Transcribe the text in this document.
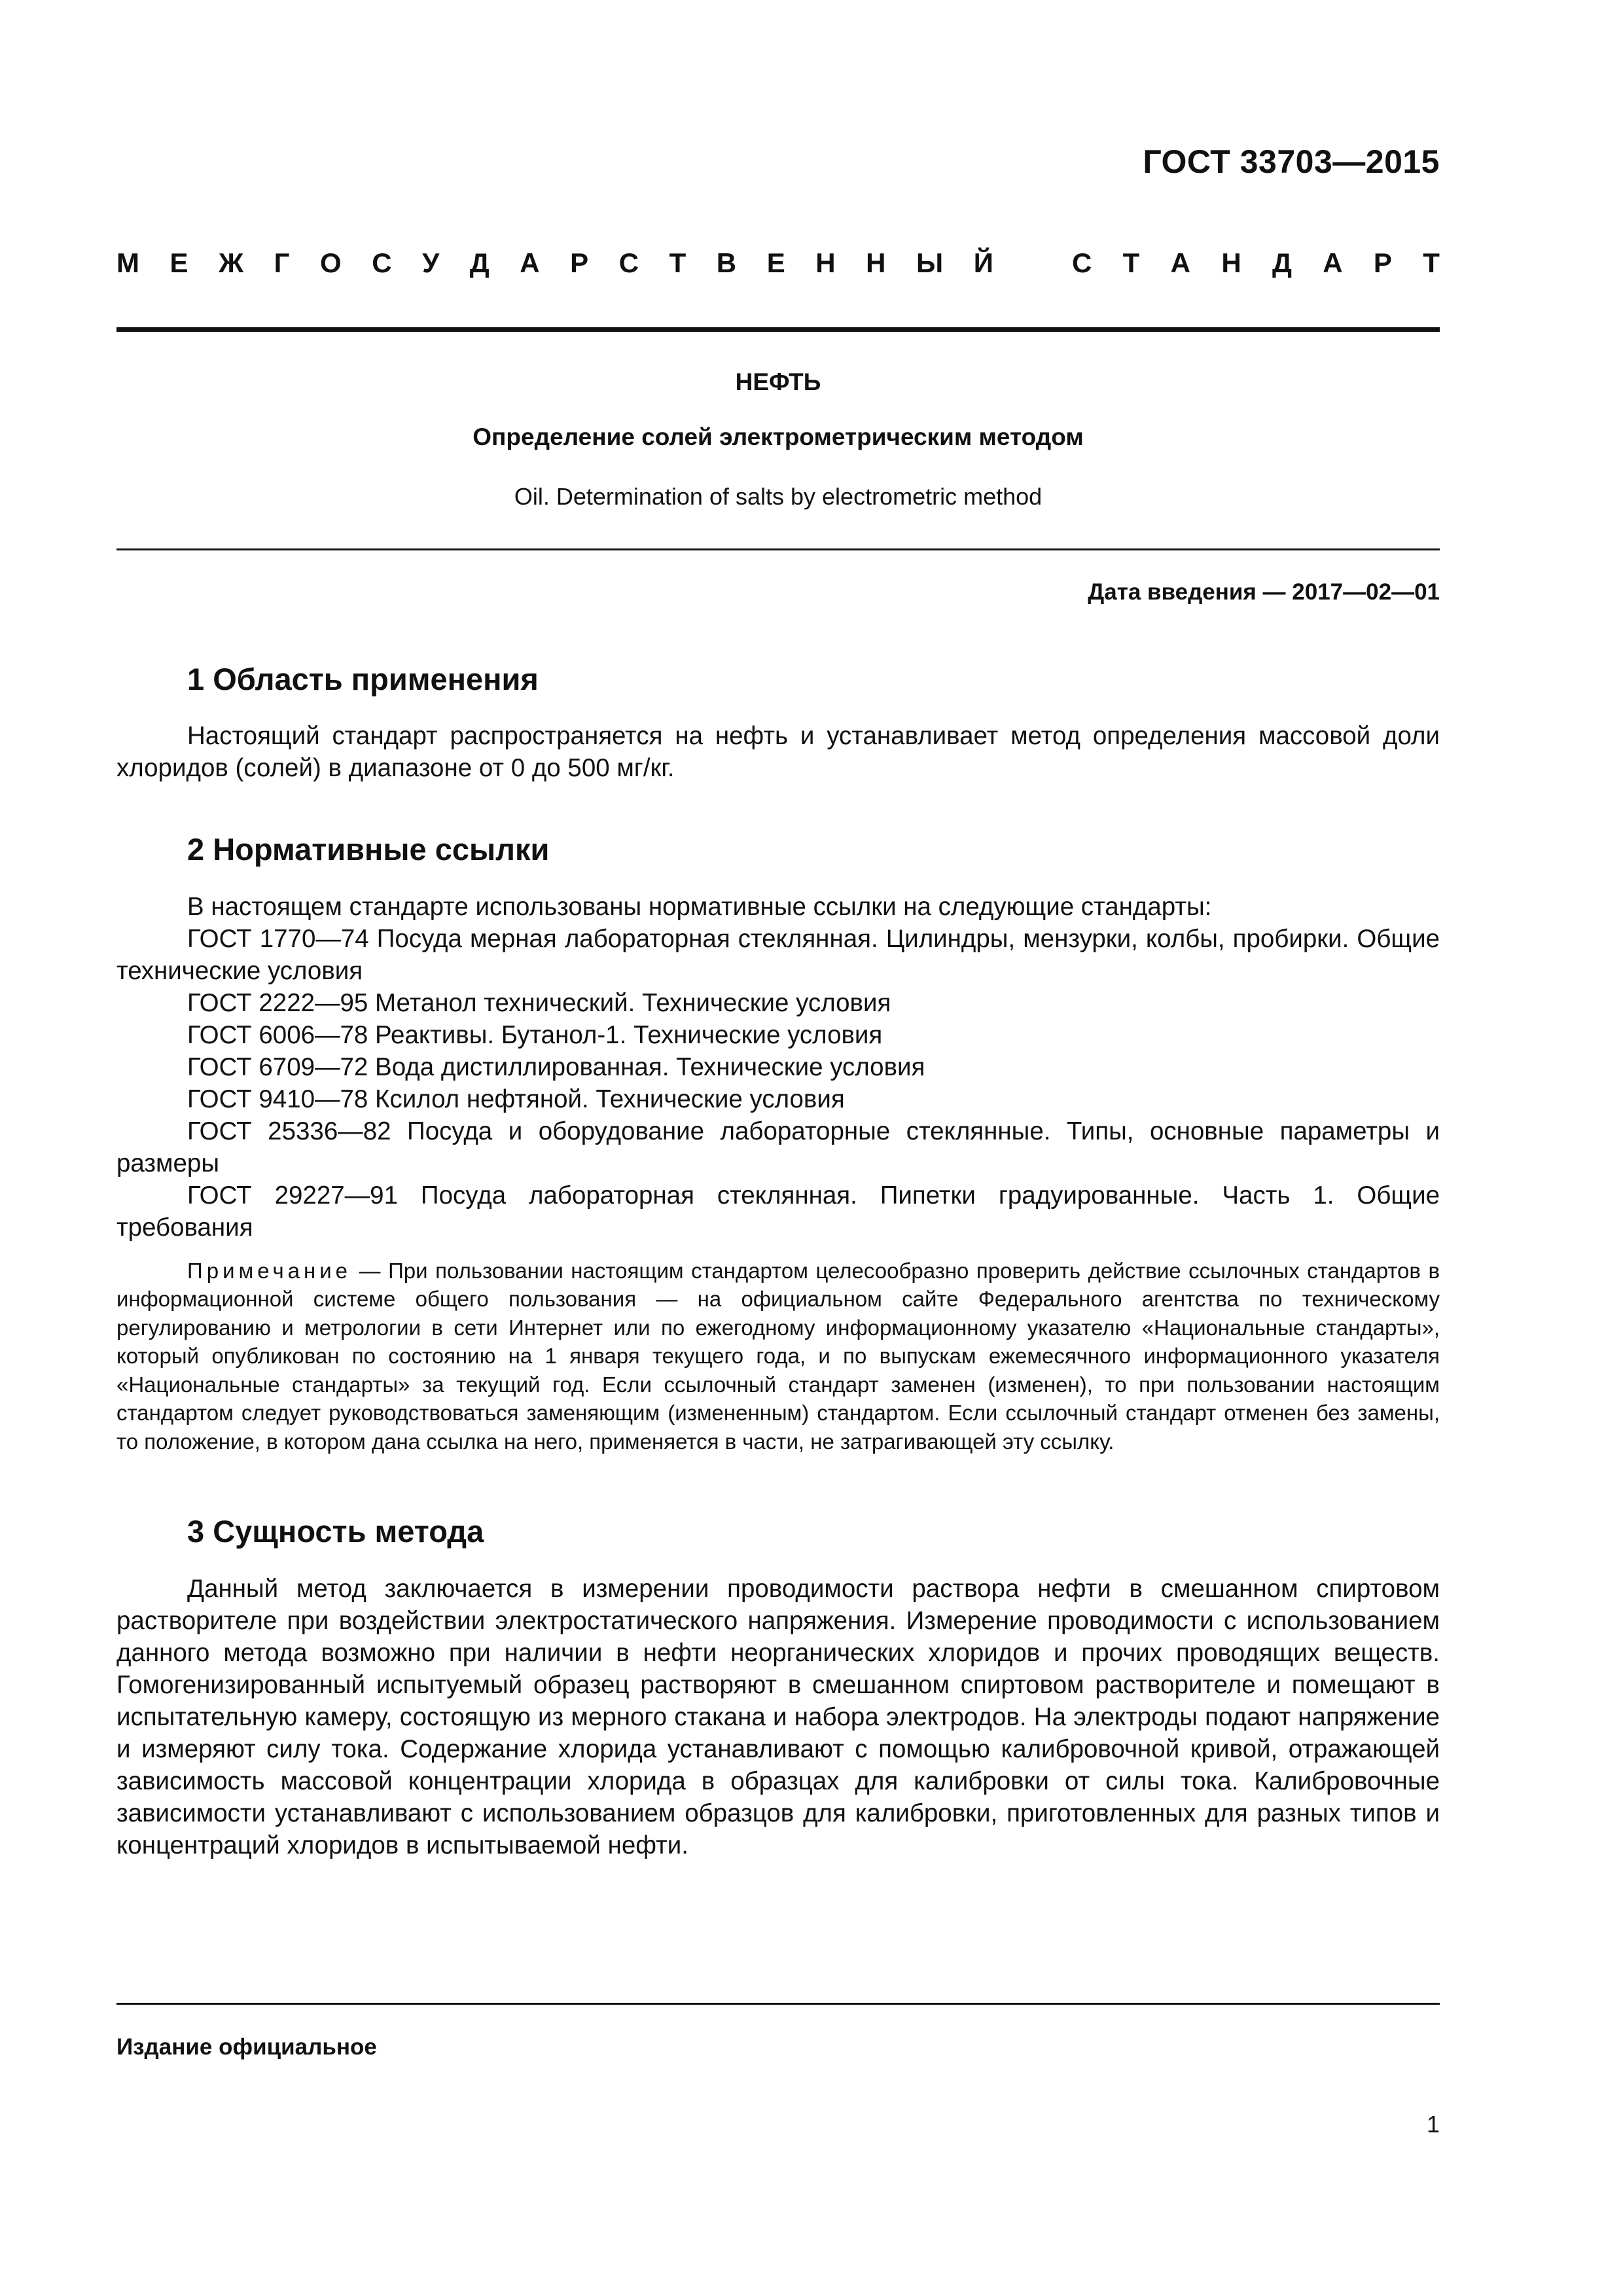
ГОСТ 33703—2015
М Е Ж Г О С У Д А Р С Т В Е Н Н Ы Й	С Т А Н Д А Р Т
НЕФТЬ
Определение солей электрометрическим методом
Oil. Determination of salts by electrometric method
Дата введения — 2017—02—01
1 Область применения

Настоящий стандарт распространяется на нефть и устанавливает метод определения массовой доли хлоридов (солей) в диапазоне от 0 до 500 мг/кг.

2 Нормативные ссылки

В настоящем стандарте использованы нормативные ссылки на следующие стандарты:

ГОСТ 1770—74 Посуда мерная лабораторная стеклянная. Цилиндры, мензурки, колбы, пробирки. Общие технические условия

ГОСТ 2222—95 Метанол технический. Технические условия

ГОСТ 6006—78 Реактивы. Бутанол-1. Технические условия

ГОСТ 6709—72 Вода дистиллированная. Технические условия

ГОСТ 9410—78 Ксилол нефтяной. Технические условия

ГОСТ 25336—82 Посуда и оборудование лабораторные стеклянные. Типы, основные параметры и размеры

ГОСТ 29227—91 Посуда лабораторная стеклянная. Пипетки градуированные. Часть 1. Общие требования

Примечание — При пользовании настоящим стандартом целесообразно проверить действие ссылочных стандартов в информационной системе общего пользования — на официальном сайте Федерального агентства по техническому регулированию и метрологии в сети Интернет или по ежегодному информационному указателю «Национальные стандарты», который опубликован по состоянию на 1 января текущего года, и по выпускам ежемесячного информационного указателя «Национальные стандарты» за текущий год. Если ссылочный стандарт заменен (изменен), то при пользовании настоящим стандартом следует руководствоваться заменяющим (измененным) стандартом. Если ссылочный стандарт отменен без замены, то положение, в котором дана ссылка на него, применяется в части, не затрагивающей эту ссылку.

3 Сущность метода

Данный метод заключается в измерении проводимости раствора нефти в смешанном спиртовом растворителе при воздействии электростатического напряжения. Измерение проводимости с использованием данного метода возможно при наличии в нефти неорганических хлоридов и прочих проводящих веществ. Гомогенизированный испытуемый образец растворяют в смешанном спиртовом растворителе и помещают в испытательную камеру, состоящую из мерного стакана и набора электродов. На электроды подают напряжение и измеряют силу тока. Содержание хлорида устанавливают с помощью калибровочной кривой, отражающей зависимость массовой концентрации хлорида в образцах для калибровки от силы тока. Калибровочные зависимости устанавливают с использованием образцов для калибровки, приготовленных для разных типов и концентраций хлоридов в испытываемой нефти.

Издание официальное
1
